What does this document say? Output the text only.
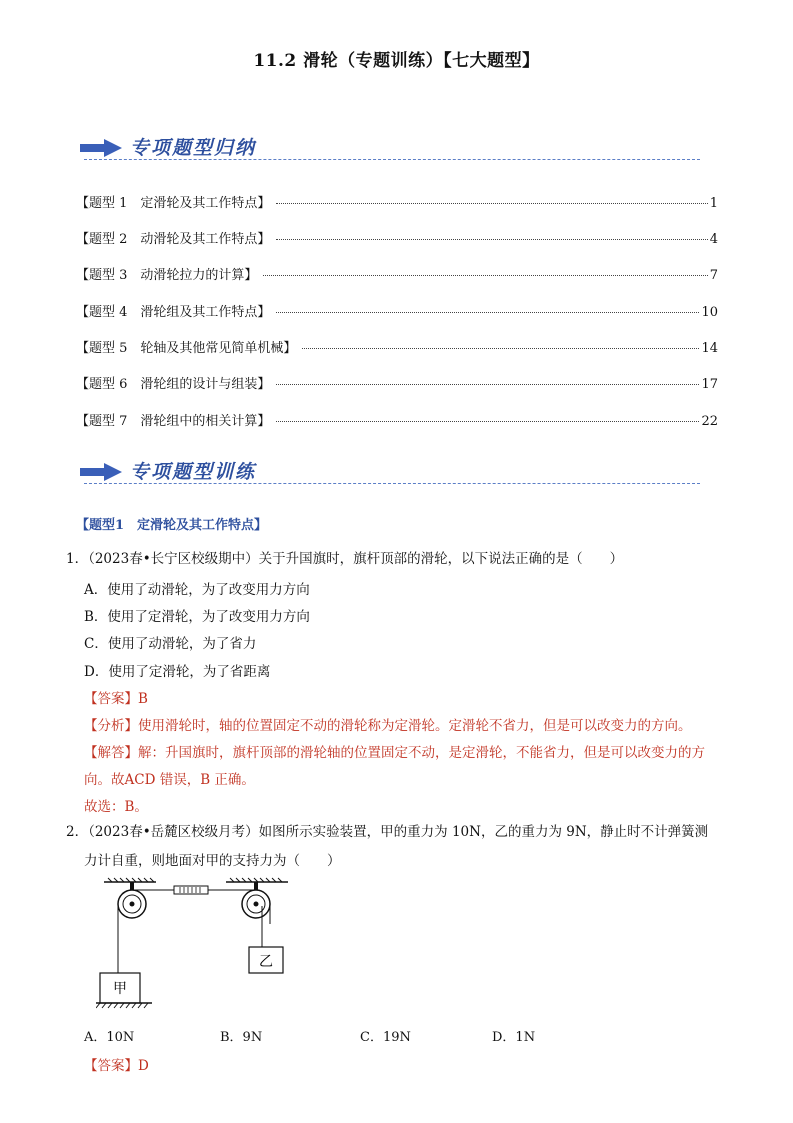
11.2 滑轮（专题训练）【七大题型】
专项题型归纳
【题型 1　定滑轮及其工作特点】	1
【题型 2　动滑轮及其工作特点】	4
【题型 3　动滑轮拉力的计算】	7
【题型 4　滑轮组及其工作特点】	10
【题型 5　轮轴及其他常见简单机械】	14
【题型 6　滑轮组的设计与组装】	17
【题型 7　滑轮组中的相关计算】	22
专项题型训练
【题型1　定滑轮及其工作特点】
1．（2023春•长宁区校级期中）关于升国旗时，旗杆顶部的滑轮，以下说法正确的是（　　）
A．使用了动滑轮，为了改变用力方向
B．使用了定滑轮，为了改变用力方向
C．使用了动滑轮，为了省力
D．使用了定滑轮，为了省距离
【答案】B
【分析】使用滑轮时，轴的位置固定不动的滑轮称为定滑轮。定滑轮不省力，但是可以改变力的方向。
【解答】解：升国旗时，旗杆顶部的滑轮轴的位置固定不动，是定滑轮，不能省力，但是可以改变力的方
向。故ACD 错误，B 正确。
故选：B。
2．（2023春•岳麓区校级月考）如图所示实验装置，甲的重力为 10N，乙的重力为 9N，静止时不计弹簧测
力计自重，则地面对甲的支持力为（　　）
乙
甲
A．10N	B．9N	C．19N	D．1N
【答案】D
